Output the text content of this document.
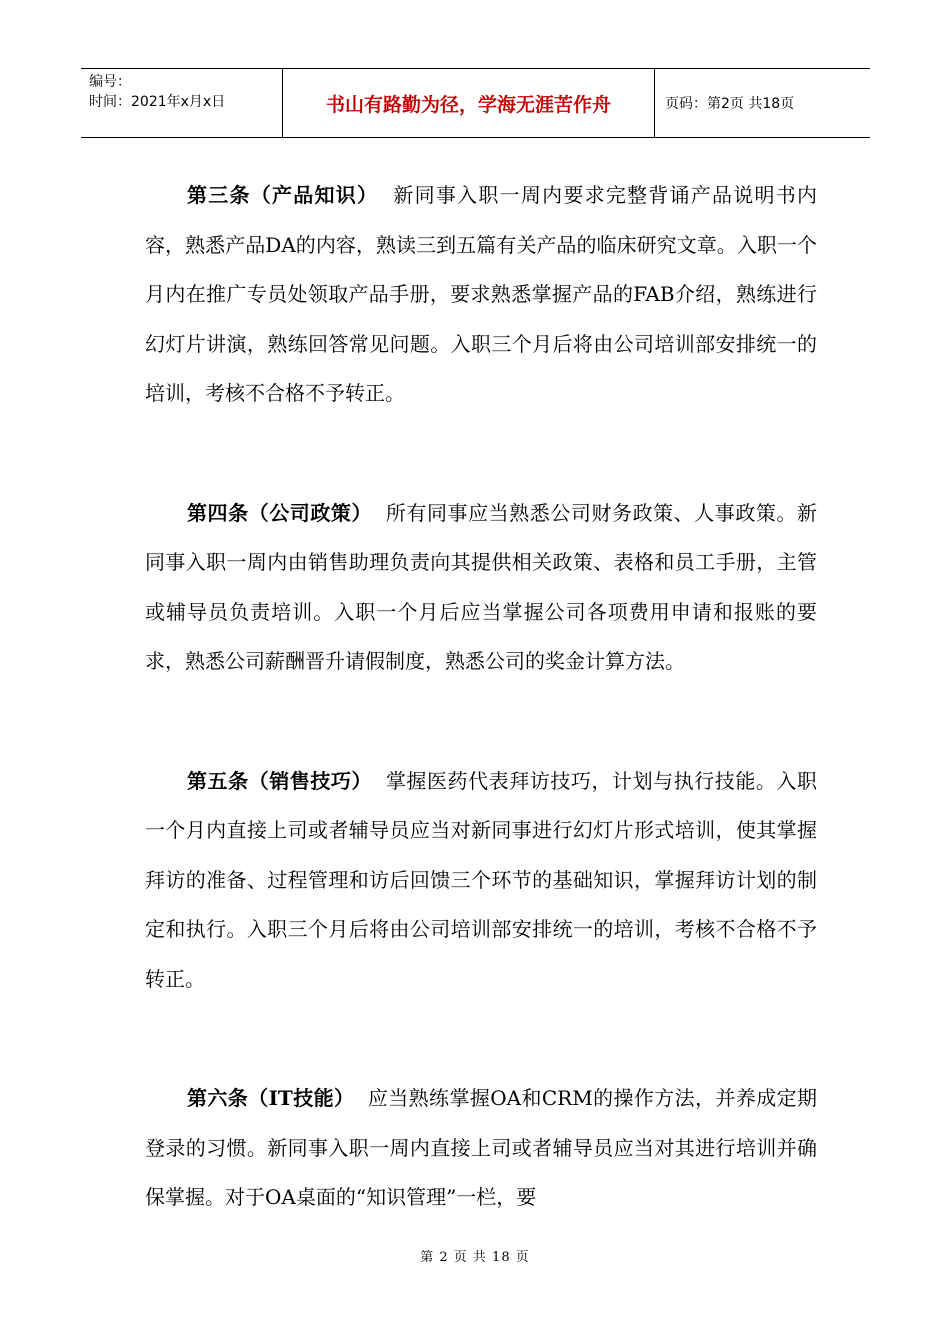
编号：
时间：2021年x月x日	书山有路勤为径，学海无涯苦作舟	页码：第2页 共18页

第三条（产品知识） 新同事入职一周内要求完整背诵产品说明书内容，熟悉产品DA的内容，熟读三到五篇有关产品的临床研究文章。入职一个月内在推广专员处领取产品手册，要求熟悉掌握产品的FAB介绍，熟练进行幻灯片讲演，熟练回答常见问题。入职三个月后将由公司培训部安排统一的培训，考核不合格不予转正。

第四条（公司政策） 所有同事应当熟悉公司财务政策、人事政策。新同事入职一周内由销售助理负责向其提供相关政策、表格和员工手册，主管或辅导员负责培训。入职一个月后应当掌握公司各项费用申请和报账的要求，熟悉公司薪酬晋升请假制度，熟悉公司的奖金计算方法。

第五条（销售技巧） 掌握医药代表拜访技巧，计划与执行技能。入职一个月内直接上司或者辅导员应当对新同事进行幻灯片形式培训，使其掌握拜访的准备、过程管理和访后回馈三个环节的基础知识，掌握拜访计划的制定和执行。入职三个月后将由公司培训部安排统一的培训，考核不合格不予转正。

第六条（IT技能） 应当熟练掌握OA和CRM的操作方法，并养成定期登录的习惯。新同事入职一周内直接上司或者辅导员应当对其进行培训并确保掌握。对于OA桌面的“知识管理”一栏，要

第 2 页 共 18 页
